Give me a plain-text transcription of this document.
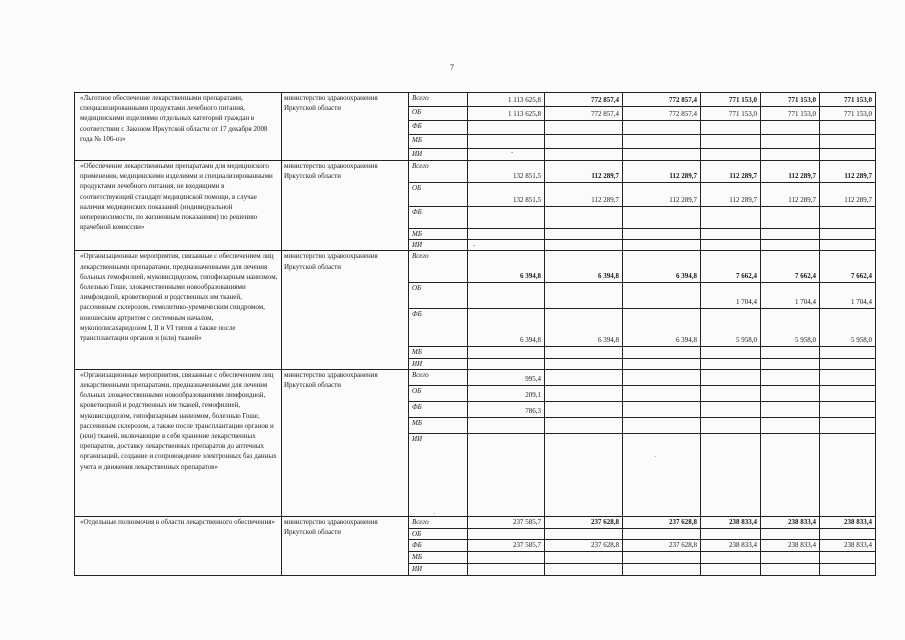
7
«Льготное обеспечение лекарственными препаратами, специализированными продуктами лечебного питания, медицинскими изделиями отдельных категорий граждан в соответствии с Законом Иркутской области от 17 декабря 2008 года № 106-оз»	министерство здравоохранения Иркутской области	Всего	1 113 625,8	772 857,4	772 857,4	771 153,0	771 153,0	771 153,0
		ОБ	1 113 625,8	772 857,4	772 857,4	771 153,0	771 153,0	771 153,0
		ФБ						
		МБ						
		ИИ						
«Обеспечение лекарственными препаратами для медицинского применения, медицинскими изделиями и специализированными продуктами лечебного питания, не входящими в соответствующий стандарт медицинской помощи, в случае наличия медицинских показаний (индивидуальной непереносимости, по жизненным показаниям) по решению врачебной комиссии»	министерство здравоохранения Иркутской области	Всего	132 851,5	112 289,7	112 289,7	112 289,7	112 289,7	112 289,7
		ОБ	132 851,5	112 289,7	112 289,7	112 289,7	112 289,7	112 289,7
		ФБ						
		МБ						
		ИИ						
«Организационные мероприятия, связанные с обеспечением лиц лекарственными препаратами, предназначенными для лечения больных гемофилией, муковисцидозом, гипофизарным нанизмом, болезнью Гоше, злокачественными новообразованиями лимфоидной, кроветворной и родственных им тканей, рассеянным склерозом, гемолитико-уремическим синдромом, юношеским артритом с системным началом, мукополисахаридозом I, II и VI типов а также после трансплантации органов и (или) тканей»	министерство здравоохранения Иркутской области	Всего	6 394,8	6 394,8	6 394,8	7 662,4	7 662,4	7 662,4
		ОБ				1 704,4	1 704,4	1 704,4
		ФБ	6 394,8	6 394,8	6 394,8	5 958,0	5 958,0	5 958,0
		МБ						
		ИИ						
«Организационные мероприятия, связанные с обеспечением лиц лекарственными препаратами, предназначенными для лечения больных злокачественными новообразованиями лимфоидной, кроветворной и родственных им тканей, гемофилией, муковисцидозом, гипофизарным нанизмом, болезнью Гоше, рассеянным склерозом, а также после трансплантации органов и (или) тканей, включающие в себя хранение лекарственных препаратов, доставку лекарственных препаратов до аптечных организаций, создание и сопровождение электронных баз данных учета и движения лекарственных препаратов»	министерство здравоохранения Иркутской области	Всего	995,4					
		ОБ	209,1					
		ФБ	786,3					
		МБ						
		ИИ						
«Отдельные полномочия в области лекарственного обеспечения»	министерство здравоохранения Иркутской области	Всего	237 585,7	237 628,8	237 628,8	238 833,4	238 833,4	238 833,4
		ОБ						
		ФБ	237 585,7	237 628,8	237 628,8	238 833,4	238 833,4	238 833,4
		МБ						
		ИИ						
-
-
·
·
